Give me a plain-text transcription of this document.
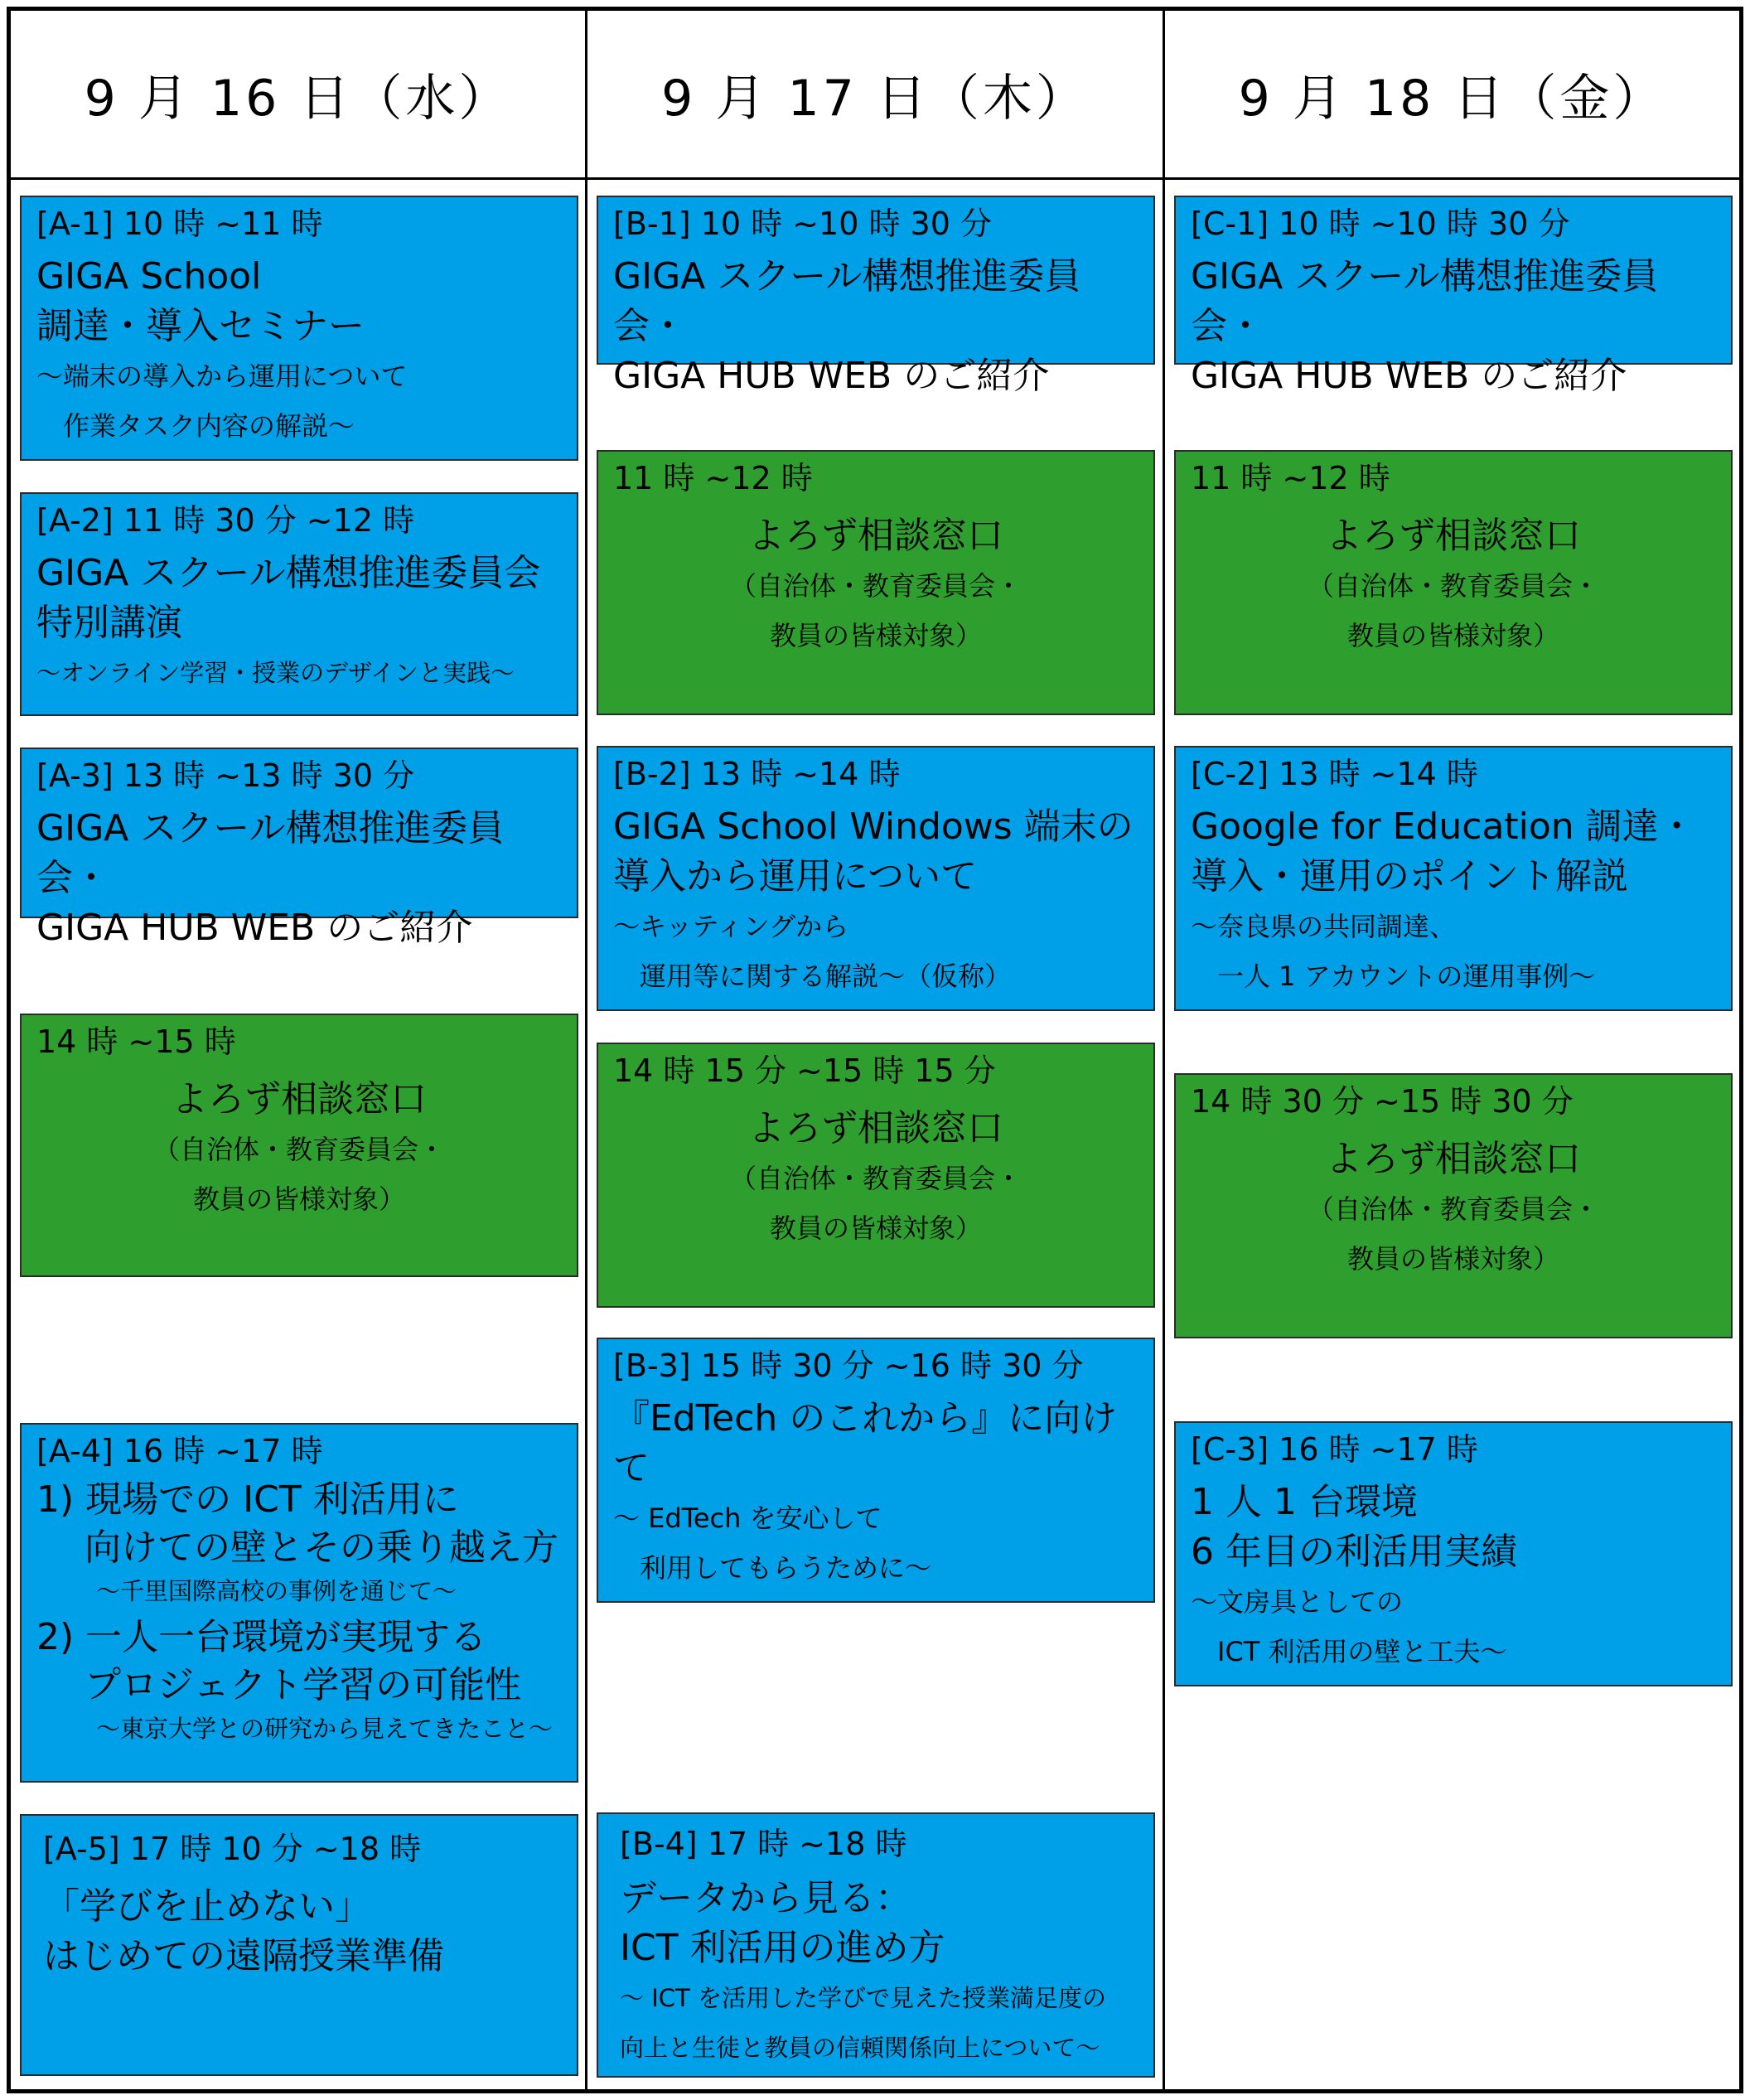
9 月 16 日（水）	9 月 17 日（木）	9 月 18 日（金）
[A-1] 10 時 ~11 時
GIGA School
調達・導入セミナー
〜端末の導入から運用について
　作業タスク内容の解説〜
[A-2] 11 時 30 分 ~12 時
GIGA スクール構想推進委員会
特別講演
〜オンライン学習・授業のデザインと実践〜
[A-3] 13 時 ~13 時 30 分
GIGA スクール構想推進委員会・
GIGA HUB WEB のご紹介
14 時 ~15 時
よろず相談窓口
（自治体・教育委員会・
教員の皆様対象）
[A-4] 16 時 ~17 時
1) 現場での ICT 利活用に
　 向けての壁とその乗り越え方
〜千里国際高校の事例を通じて〜
2) 一人一台環境が実現する
　 プロジェクト学習の可能性
〜東京大学との研究から見えてきたこと〜
[A-5] 17 時 10 分 ~18 時
「学びを止めない」
はじめての遠隔授業準備
[B-1] 10 時 ~10 時 30 分
GIGA スクール構想推進委員会・
GIGA HUB WEB のご紹介
11 時 ~12 時
よろず相談窓口
（自治体・教育委員会・
教員の皆様対象）
[B-2] 13 時 ~14 時
GIGA School Windows 端末の
導入から運用について
〜キッティングから
　運用等に関する解説〜（仮称）
14 時 15 分 ~15 時 15 分
よろず相談窓口
（自治体・教育委員会・
教員の皆様対象）
[B-3] 15 時 30 分 ~16 時 30 分
『EdTech のこれから』に向けて
〜 EdTech を安心して
　利用してもらうために〜
[B-4] 17 時 ~18 時
データから見る：
ICT 利活用の進め方
〜 ICT を活用した学びで見えた授業満足度の
向上と生徒と教員の信頼関係向上について〜
[C-1] 10 時 ~10 時 30 分
GIGA スクール構想推進委員会・
GIGA HUB WEB のご紹介
11 時 ~12 時
よろず相談窓口
（自治体・教育委員会・
教員の皆様対象）
[C-2] 13 時 ~14 時
Google for Education 調達・
導入・運用のポイント解説
〜奈良県の共同調達、
　一人 1 アカウントの運用事例〜
14 時 30 分 ~15 時 30 分
よろず相談窓口
（自治体・教育委員会・
教員の皆様対象）
[C-3] 16 時 ~17 時
1 人 1 台環境
6 年目の利活用実績
〜文房具としての
　ICT 利活用の壁と工夫〜
